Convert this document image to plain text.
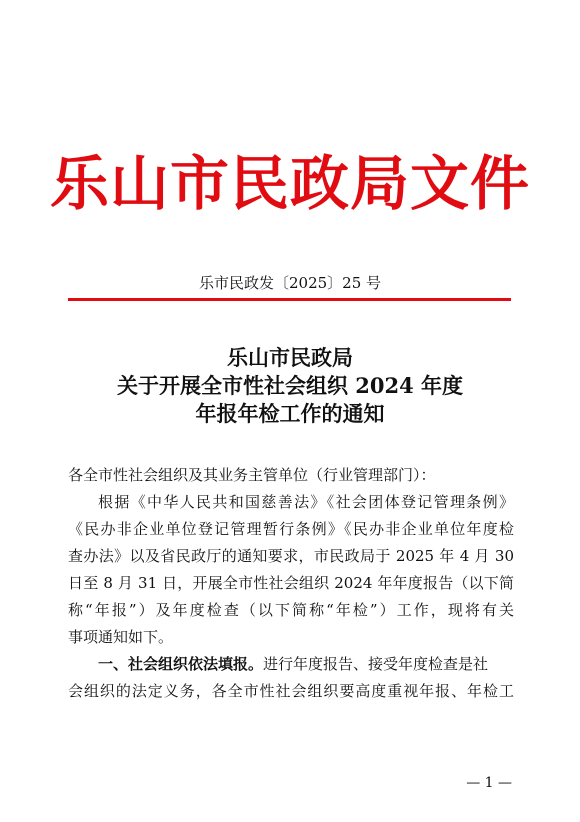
乐山市民政局文件
乐市民政发〔2025〕25 号
乐山市民政局
关于开展全市性社会组织 2024 年度
年报年检工作的通知
各全市性社会组织及其业务主管单位（行业管理部门）：
根据《中华人民共和国慈善法》《社会团体登记管理条例》
《民办非企业单位登记管理暂行条例》《民办非企业单位年度检
查办法》以及省民政厅的通知要求，市民政局于 2025 年 4 月 30
日至 8 月 31 日，开展全市性社会组织 2024 年年度报告（以下简
称“年报”）及年度检查（以下简称“年检”）工作，现将有关
事项通知如下。
一、社会组织依法填报。进行年度报告、接受年度检查是社
会组织的法定义务，各全市性社会组织要高度重视年报、年检工
— 1 —
